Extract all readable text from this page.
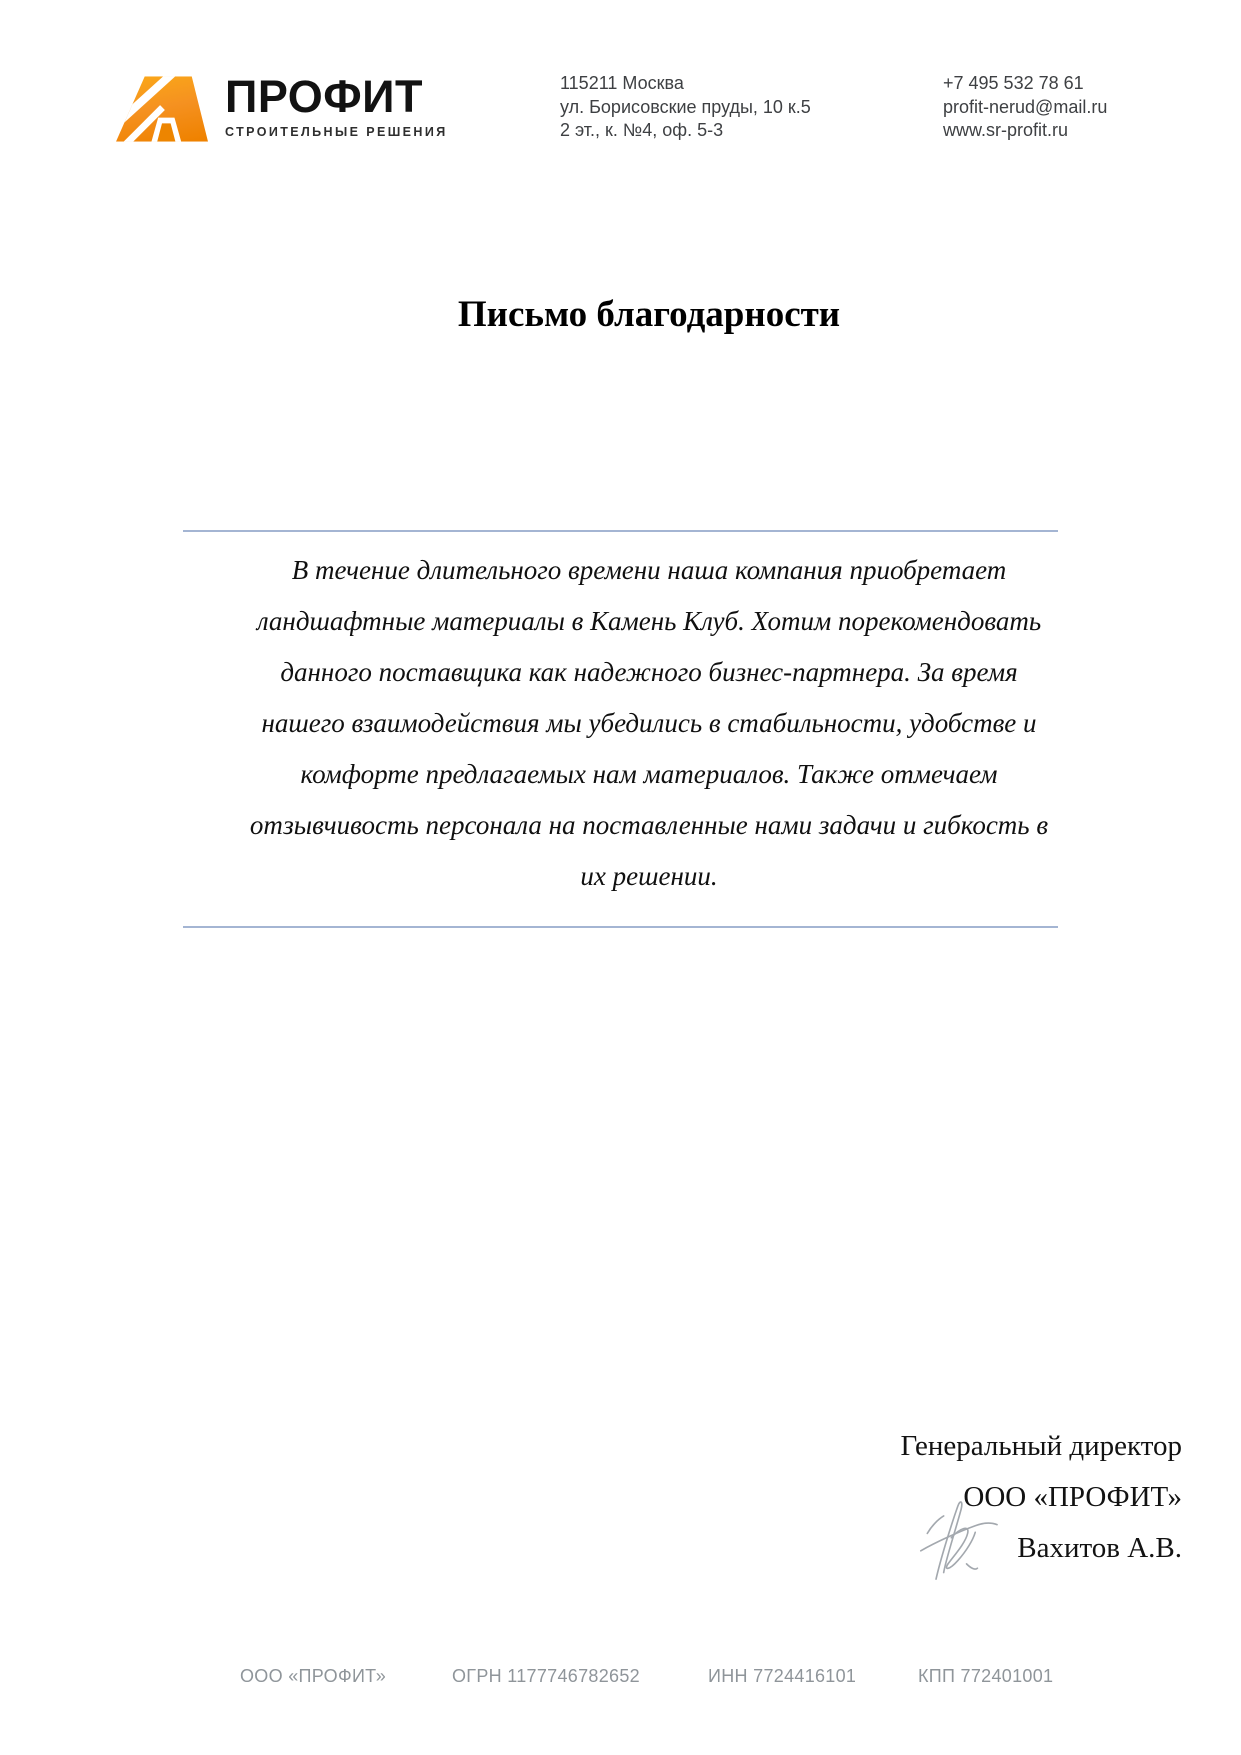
ПРОФИТ
СТРОИТЕЛЬНЫЕ РЕШЕНИЯ
115211 Москва
ул. Борисовские пруды, 10 к.5
2 эт., к. №4, оф. 5-3
+7 495 532 78 61
profit-nerud@mail.ru
www.sr-profit.ru
Письмо благодарности
В течение длительного времени наша компания приобретает
ландшафтные материалы в Камень Клуб. Хотим порекомендовать
данного поставщика как надежного бизнес-партнера. За время
нашего взаимодействия мы убедились в стабильности, удобстве и
комфорте предлагаемых нам материалов. Также отмечаем
отзывчивость персонала на поставленные нами задачи и гибкость в
их решении.
Генеральный директор
ООО «ПРОФИТ»
Вахитов А.В.
ООО «ПРОФИТ»	ОГРН 1177746782652	ИНН 7724416101	КПП 772401001
